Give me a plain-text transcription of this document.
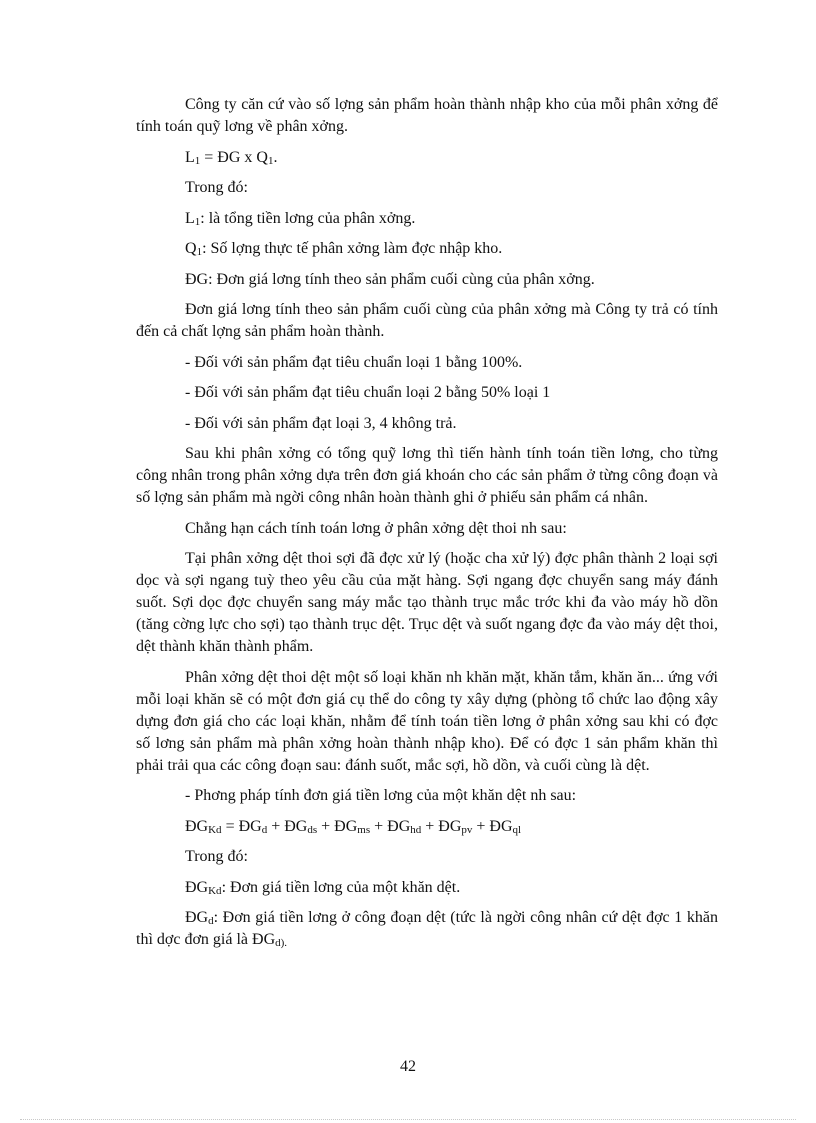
Công ty căn cứ vào số lợng sản phẩm hoàn thành nhập kho của mỗi phân xởng để tính toán quỹ lơng về phân xởng.

$L_1$ = ĐG x $Q_1$.

Trong đó:

$L_1$: là tổng tiền lơng của phân xởng.

$Q_1$: Số lợng thực tế phân xởng làm đợc nhập kho.

ĐG: Đơn giá lơng tính theo sản phẩm cuối cùng của phân xởng.

Đơn giá lơng tính theo sản phẩm cuối cùng của phân xởng mà Công ty trả có tính đến cả chất lợng sản phẩm hoàn thành.

- Đối với sản phẩm đạt tiêu chuẩn loại 1 bằng 100%.

- Đối với sản phẩm đạt tiêu chuẩn loại 2 bằng 50% loại 1

- Đối với sản phẩm đạt loại 3, 4 không trả.

Sau khi phân xởng có tổng quỹ lơng thì tiến hành tính toán tiền lơng, cho từng công nhân trong phân xởng dựa trên đơn giá khoán cho các sản phẩm ở từng công đoạn và số lợng sản phẩm mà ngời công nhân hoàn thành ghi ở phiếu sản phẩm cá nhân.

Chẳng hạn cách tính toán lơng ở phân xởng dệt thoi nh sau:

Tại phân xởng dệt thoi sợi đã đợc xử lý (hoặc cha xử lý) đợc phân thành 2 loại sợi dọc và sợi ngang tuỳ theo yêu cầu của mặt hàng. Sợi ngang đợc chuyển sang máy đánh suốt. Sợi dọc đợc chuyển sang máy mắc tạo thành trục mắc trớc khi đa vào máy hồ dồn (tăng cờng lực cho sợi) tạo thành trục dệt. Trục dệt và suốt ngang đợc đa vào máy dệt thoi, dệt thành khăn thành phẩm.

Phân xởng dệt thoi dệt một số loại khăn nh khăn mặt, khăn tắm, khăn ăn... ứng với mỗi loại khăn sẽ có một đơn giá cụ thể do công ty xây dựng (phòng tổ chức lao động xây dựng đơn giá cho các loại khăn, nhằm để tính toán tiền lơng ở phân xởng sau khi có đợc số lơng sản phẩm mà phân xởng hoàn thành nhập kho). Để có đợc 1 sản phẩm khăn thì phải trải qua các công đoạn sau: đánh suốt, mắc sợi, hồ dồn, và cuối cùng là dệt.

- Phơng pháp tính đơn giá tiền lơng của một khăn dệt nh sau:

$ĐG_{Kd}$ = $ĐG_d$ + $ĐG_{ds}$ + $ĐG_{ms}$ + $ĐG_{hd}$ + $ĐG_{pv}$ + $ĐG_{ql}$

Trong đó:

$ĐG_{Kd}$: Đơn giá tiền lơng của một khăn dệt.

$ĐG_d$: Đơn giá tiền lơng ở công đoạn dệt (tức là ngời công nhân cứ dệt đợc 1 khăn thì dợc đơn giá là $ĐG_{d).}$

42
